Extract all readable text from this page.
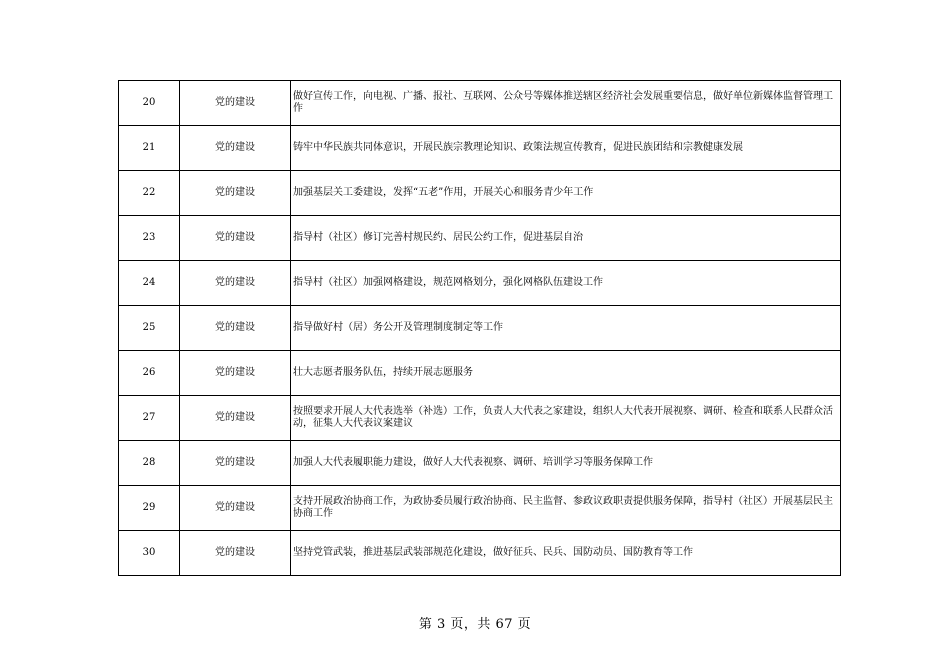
20	党的建设	做好宣传工作，向电视、广播、报社、互联网、公众号等媒体推送辖区经济社会发展重要信息，做好单位新媒体监督管理工作
21	党的建设	铸牢中华民族共同体意识，开展民族宗教理论知识、政策法规宣传教育，促进民族团结和宗教健康发展
22	党的建设	加强基层关工委建设，发挥“五老”作用，开展关心和服务青少年工作
23	党的建设	指导村（社区）修订完善村规民约、居民公约工作，促进基层自治
24	党的建设	指导村（社区）加强网格建设，规范网格划分，强化网格队伍建设工作
25	党的建设	指导做好村（居）务公开及管理制度制定等工作
26	党的建设	壮大志愿者服务队伍，持续开展志愿服务
27	党的建设	按照要求开展人大代表选举（补选）工作，负责人大代表之家建设，组织人大代表开展视察、调研、检查和联系人民群众活动，征集人大代表议案建议
28	党的建设	加强人大代表履职能力建设，做好人大代表视察、调研、培训学习等服务保障工作
29	党的建设	支持开展政治协商工作，为政协委员履行政治协商、民主监督、参政议政职责提供服务保障，指导村（社区）开展基层民主协商工作
30	党的建设	坚持党管武装，推进基层武装部规范化建设，做好征兵、民兵、国防动员、国防教育等工作
第 3 页，共 67 页
